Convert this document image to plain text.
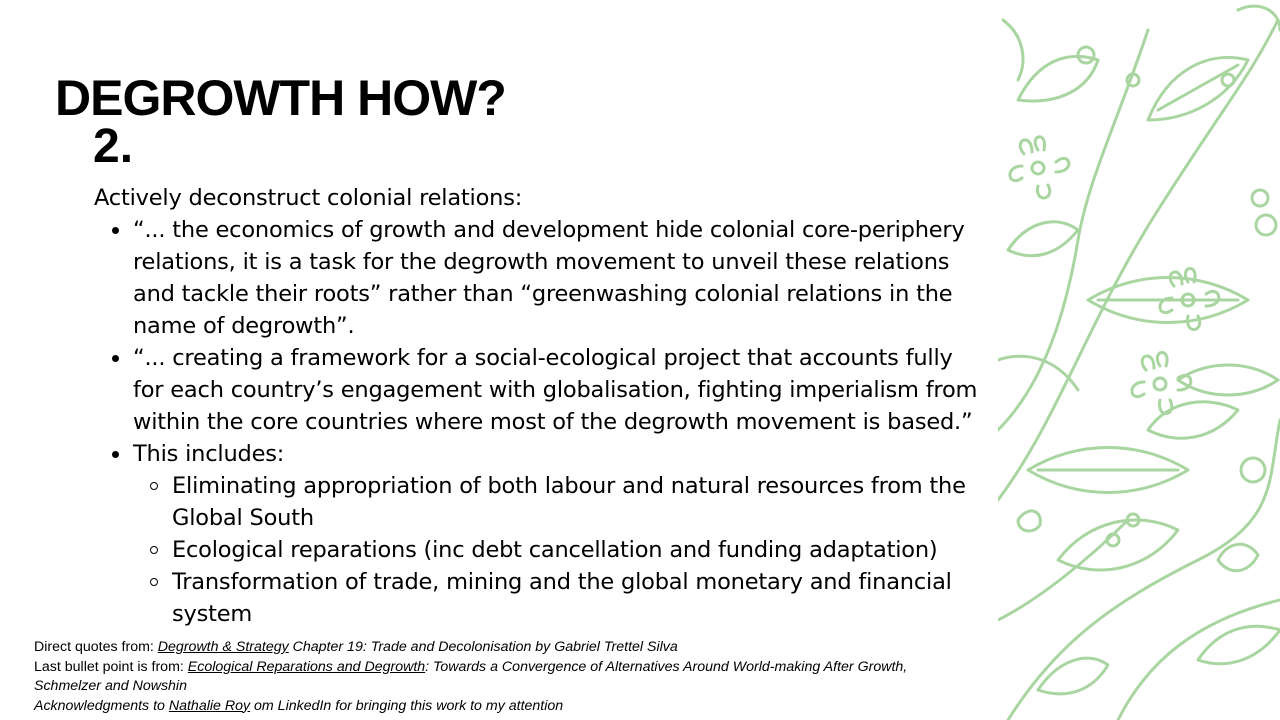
DEGROWTH HOW?
2.

Actively deconstruct colonial relations:

“... the economics of growth and development hide colonial core-periphery relations, it is a task for the degrowth movement to unveil these relations and tackle their roots” rather than “greenwashing colonial relations in the name of degrowth”.
“... creating a framework for a social-ecological project that accounts fully for each country’s engagement with globalisation, fighting imperialism from within the core countries where most of the degrowth movement is based.”
This includes:
Eliminating appropriation of both labour and natural resources from the Global South
Ecological reparations (inc debt cancellation and funding adaptation)
Transformation of trade, mining and the global monetary and financial system
Direct quotes from: Degrowth & Strategy Chapter 19: Trade and Decolonisation by Gabriel Trettel Silva
Last bullet point is from: Ecological Reparations and Degrowth: Towards a Convergence of Alternatives Around World-making After Growth,
Schmelzer and Nowshin
Acknowledgments to Nathalie Roy om LinkedIn for bringing this work to my attention
